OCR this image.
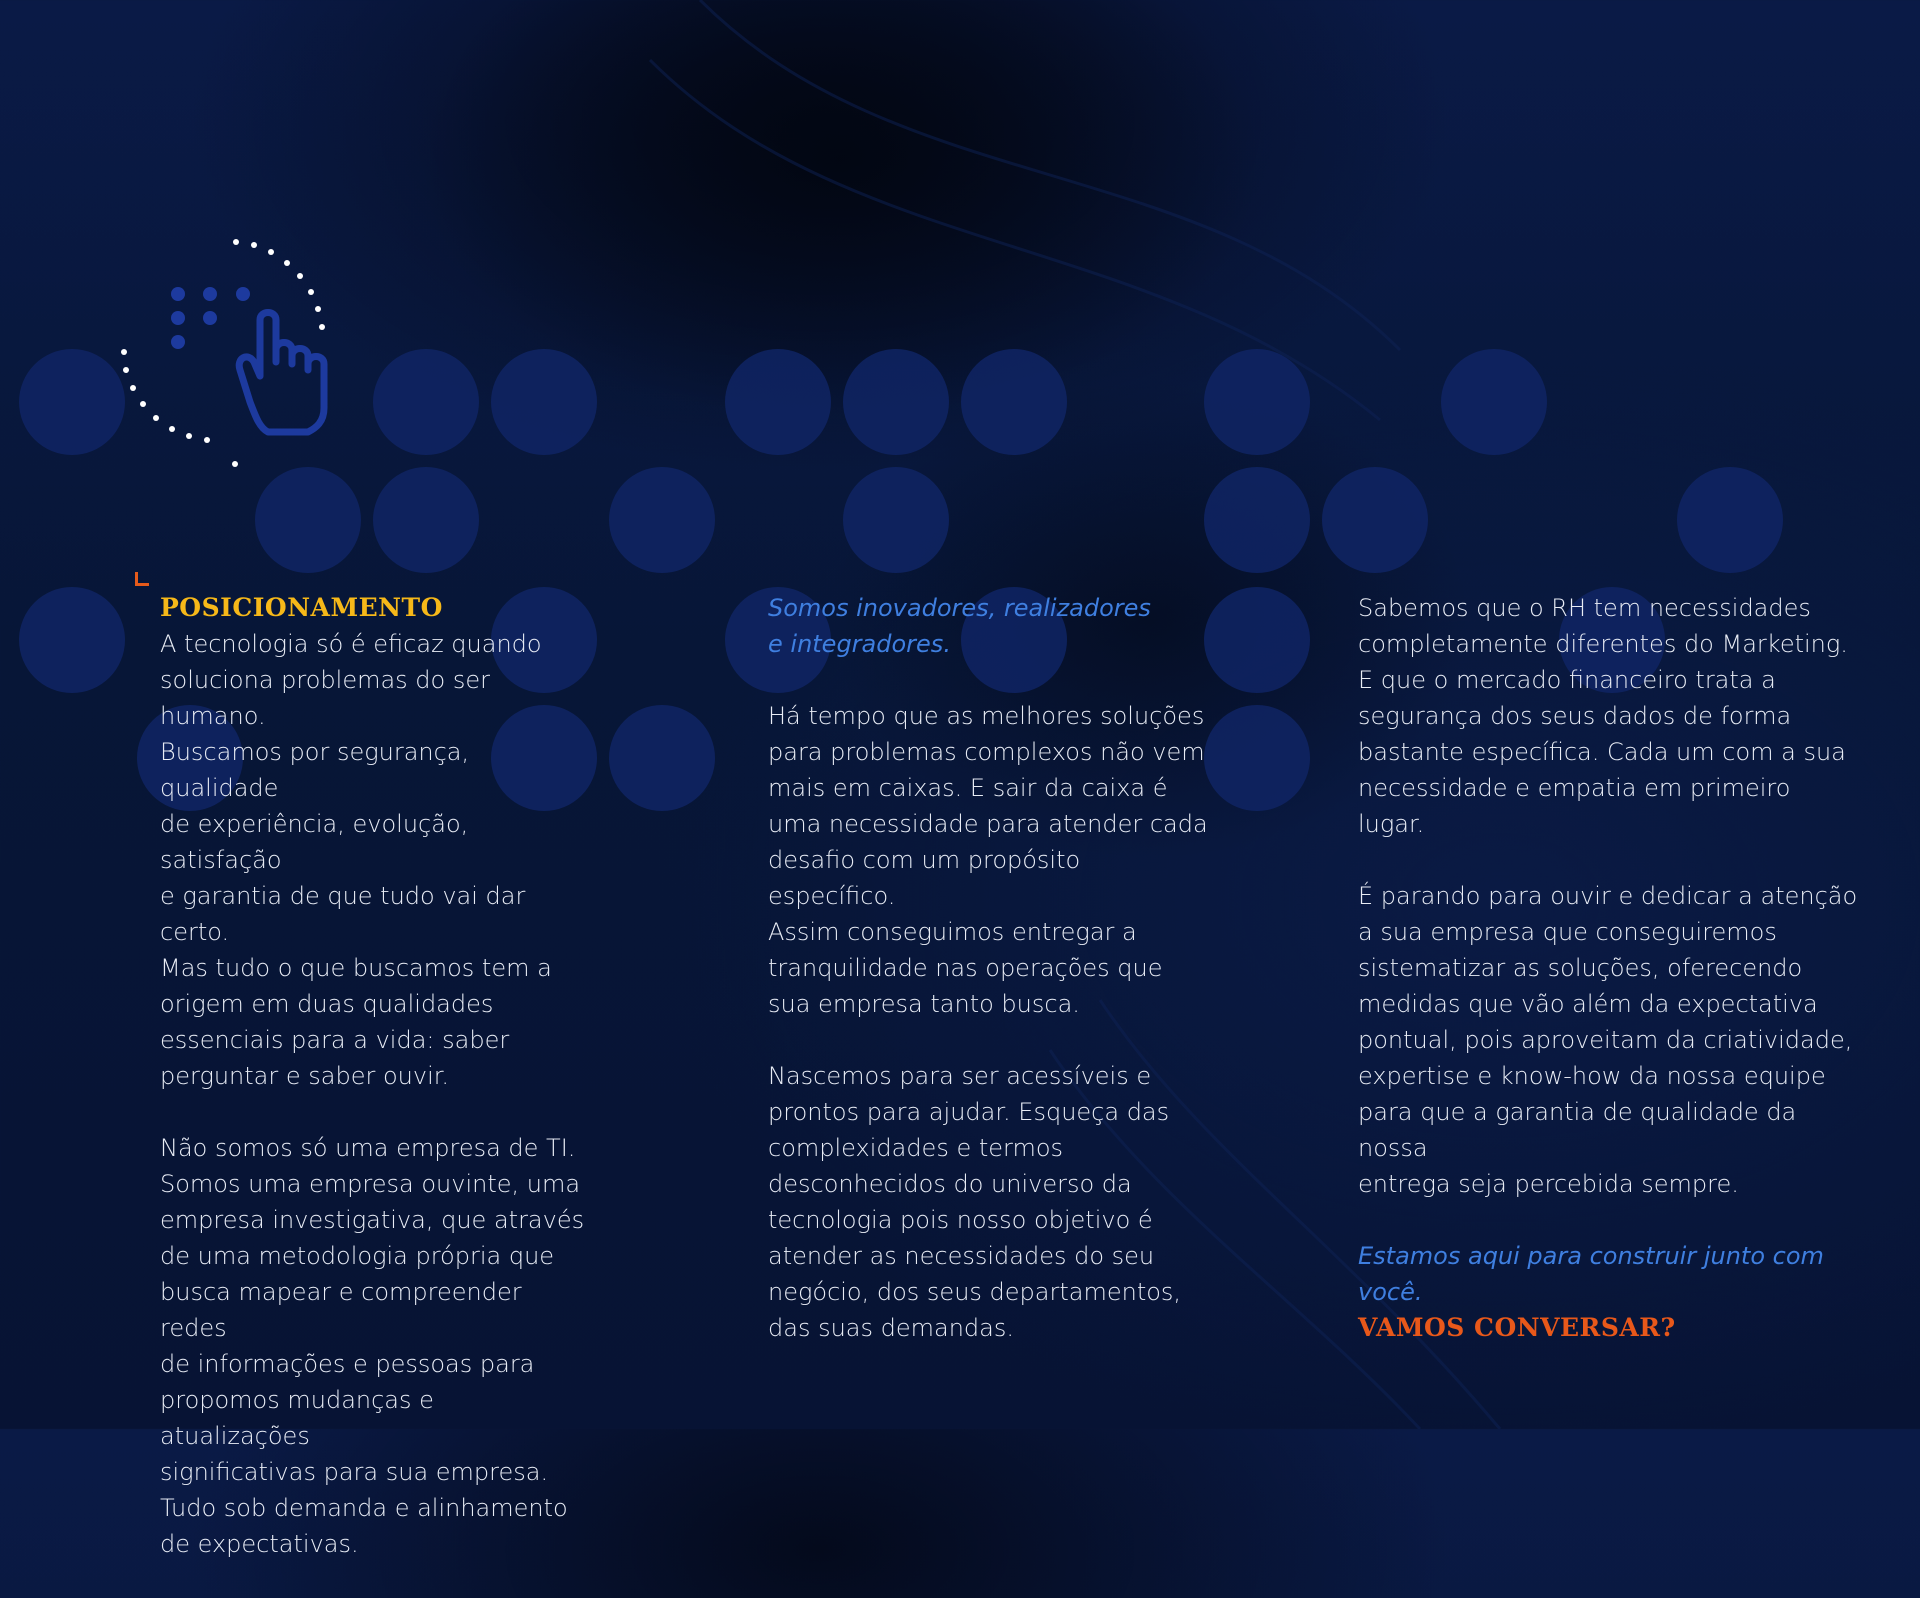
POSICIONAMENTO

A tecnologia só é eficaz quando
soluciona problemas do ser humano.
Buscamos por segurança, qualidade
de experiência, evolução, satisfação
e garantia de que tudo vai dar certo.
Mas tudo o que buscamos tem a
origem em duas qualidades
essenciais para a vida: saber
perguntar e saber ouvir.

Não somos só uma empresa de TI.
Somos uma empresa ouvinte, uma
empresa investigativa, que através
de uma metodologia própria que
busca mapear e compreender redes
de informações e pessoas para
propomos mudanças e atualizações
significativas para sua empresa.
Tudo sob demanda e alinhamento
de expectativas.

Somos inovadores, realizadores
e integradores.

Há tempo que as melhores soluções
para problemas complexos não vem
mais em caixas. E sair da caixa é
uma necessidade para atender cada
desafio com um propósito específico.
Assim conseguimos entregar a
tranquilidade nas operações que
sua empresa tanto busca.

Nascemos para ser acessíveis e
prontos para ajudar. Esqueça das
complexidades e termos
desconhecidos do universo da
tecnologia pois nosso objetivo é
atender as necessidades do seu
negócio, dos seus departamentos,
das suas demandas.

Sabemos que o RH tem necessidades
completamente diferentes do Marketing.
E que o mercado financeiro trata a
segurança dos seus dados de forma
bastante específica. Cada um com a sua
necessidade e empatia em primeiro lugar.

É parando para ouvir e dedicar a atenção
a sua empresa que conseguiremos
sistematizar as soluções, oferecendo
medidas que vão além da expectativa
pontual, pois aproveitam da criatividade,
expertise e know-how da nossa equipe
para que a garantia de qualidade da nossa
entrega seja percebida sempre.

Estamos aqui para construir junto com você.

VAMOS CONVERSAR?
